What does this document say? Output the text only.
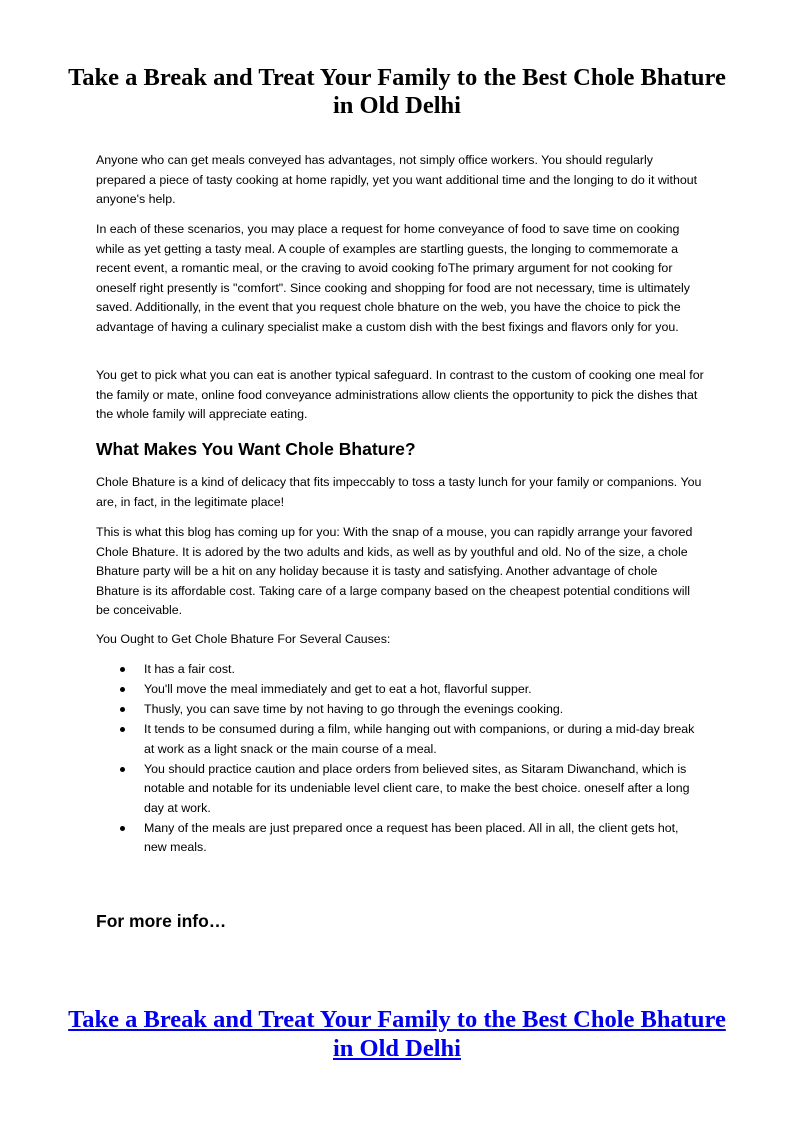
Take a Break and Treat Your Family to the Best Chole Bhature in Old Delhi

Anyone who can get meals conveyed has advantages, not simply office workers. You should regularly prepared a piece of tasty cooking at home rapidly, yet you want additional time and the longing to do it without anyone's help.

In each of these scenarios, you may place a request for home conveyance of food to save time on cooking while as yet getting a tasty meal. A couple of examples are startling guests, the longing to commemorate a recent event, a romantic meal, or the craving to avoid cooking foThe primary argument for not cooking for oneself right presently is "comfort". Since cooking and shopping for food are not necessary, time is ultimately saved. Additionally, in the event that you request chole bhature on the web, you have the choice to pick the advantage of having a culinary specialist make a custom dish with the best fixings and flavors only for you.

You get to pick what you can eat is another typical safeguard. In contrast to the custom of cooking one meal for the family or mate, online food conveyance administrations allow clients the opportunity to pick the dishes that the whole family will appreciate eating.

What Makes You Want Chole Bhature?

Chole Bhature is a kind of delicacy that fits impeccably to toss a tasty lunch for your family or companions. You are, in fact, in the legitimate place!

This is what this blog has coming up for you: With the snap of a mouse, you can rapidly arrange your favored Chole Bhature. It is adored by the two adults and kids, as well as by youthful and old. No of the size, a chole Bhature party will be a hit on any holiday because it is tasty and satisfying. Another advantage of chole Bhature is its affordable cost. Taking care of a large company based on the cheapest potential conditions will be conceivable.

You Ought to Get Chole Bhature For Several Causes:

It has a fair cost.
You'll move the meal immediately and get to eat a hot, flavorful supper.
Thusly, you can save time by not having to go through the evenings cooking.
It tends to be consumed during a film, while hanging out with companions, or during a mid-day break at work as a light snack or the main course of a meal.
You should practice caution and place orders from believed sites, as Sitaram Diwanchand, which is notable and notable for its undeniable level client care, to make the best choice. oneself after a long day at work.
Many of the meals are just prepared once a request has been placed. All in all, the client gets hot, new meals.
For more info…
Take a Break and Treat Your Family to the Best Chole Bhature in Old Delhi
